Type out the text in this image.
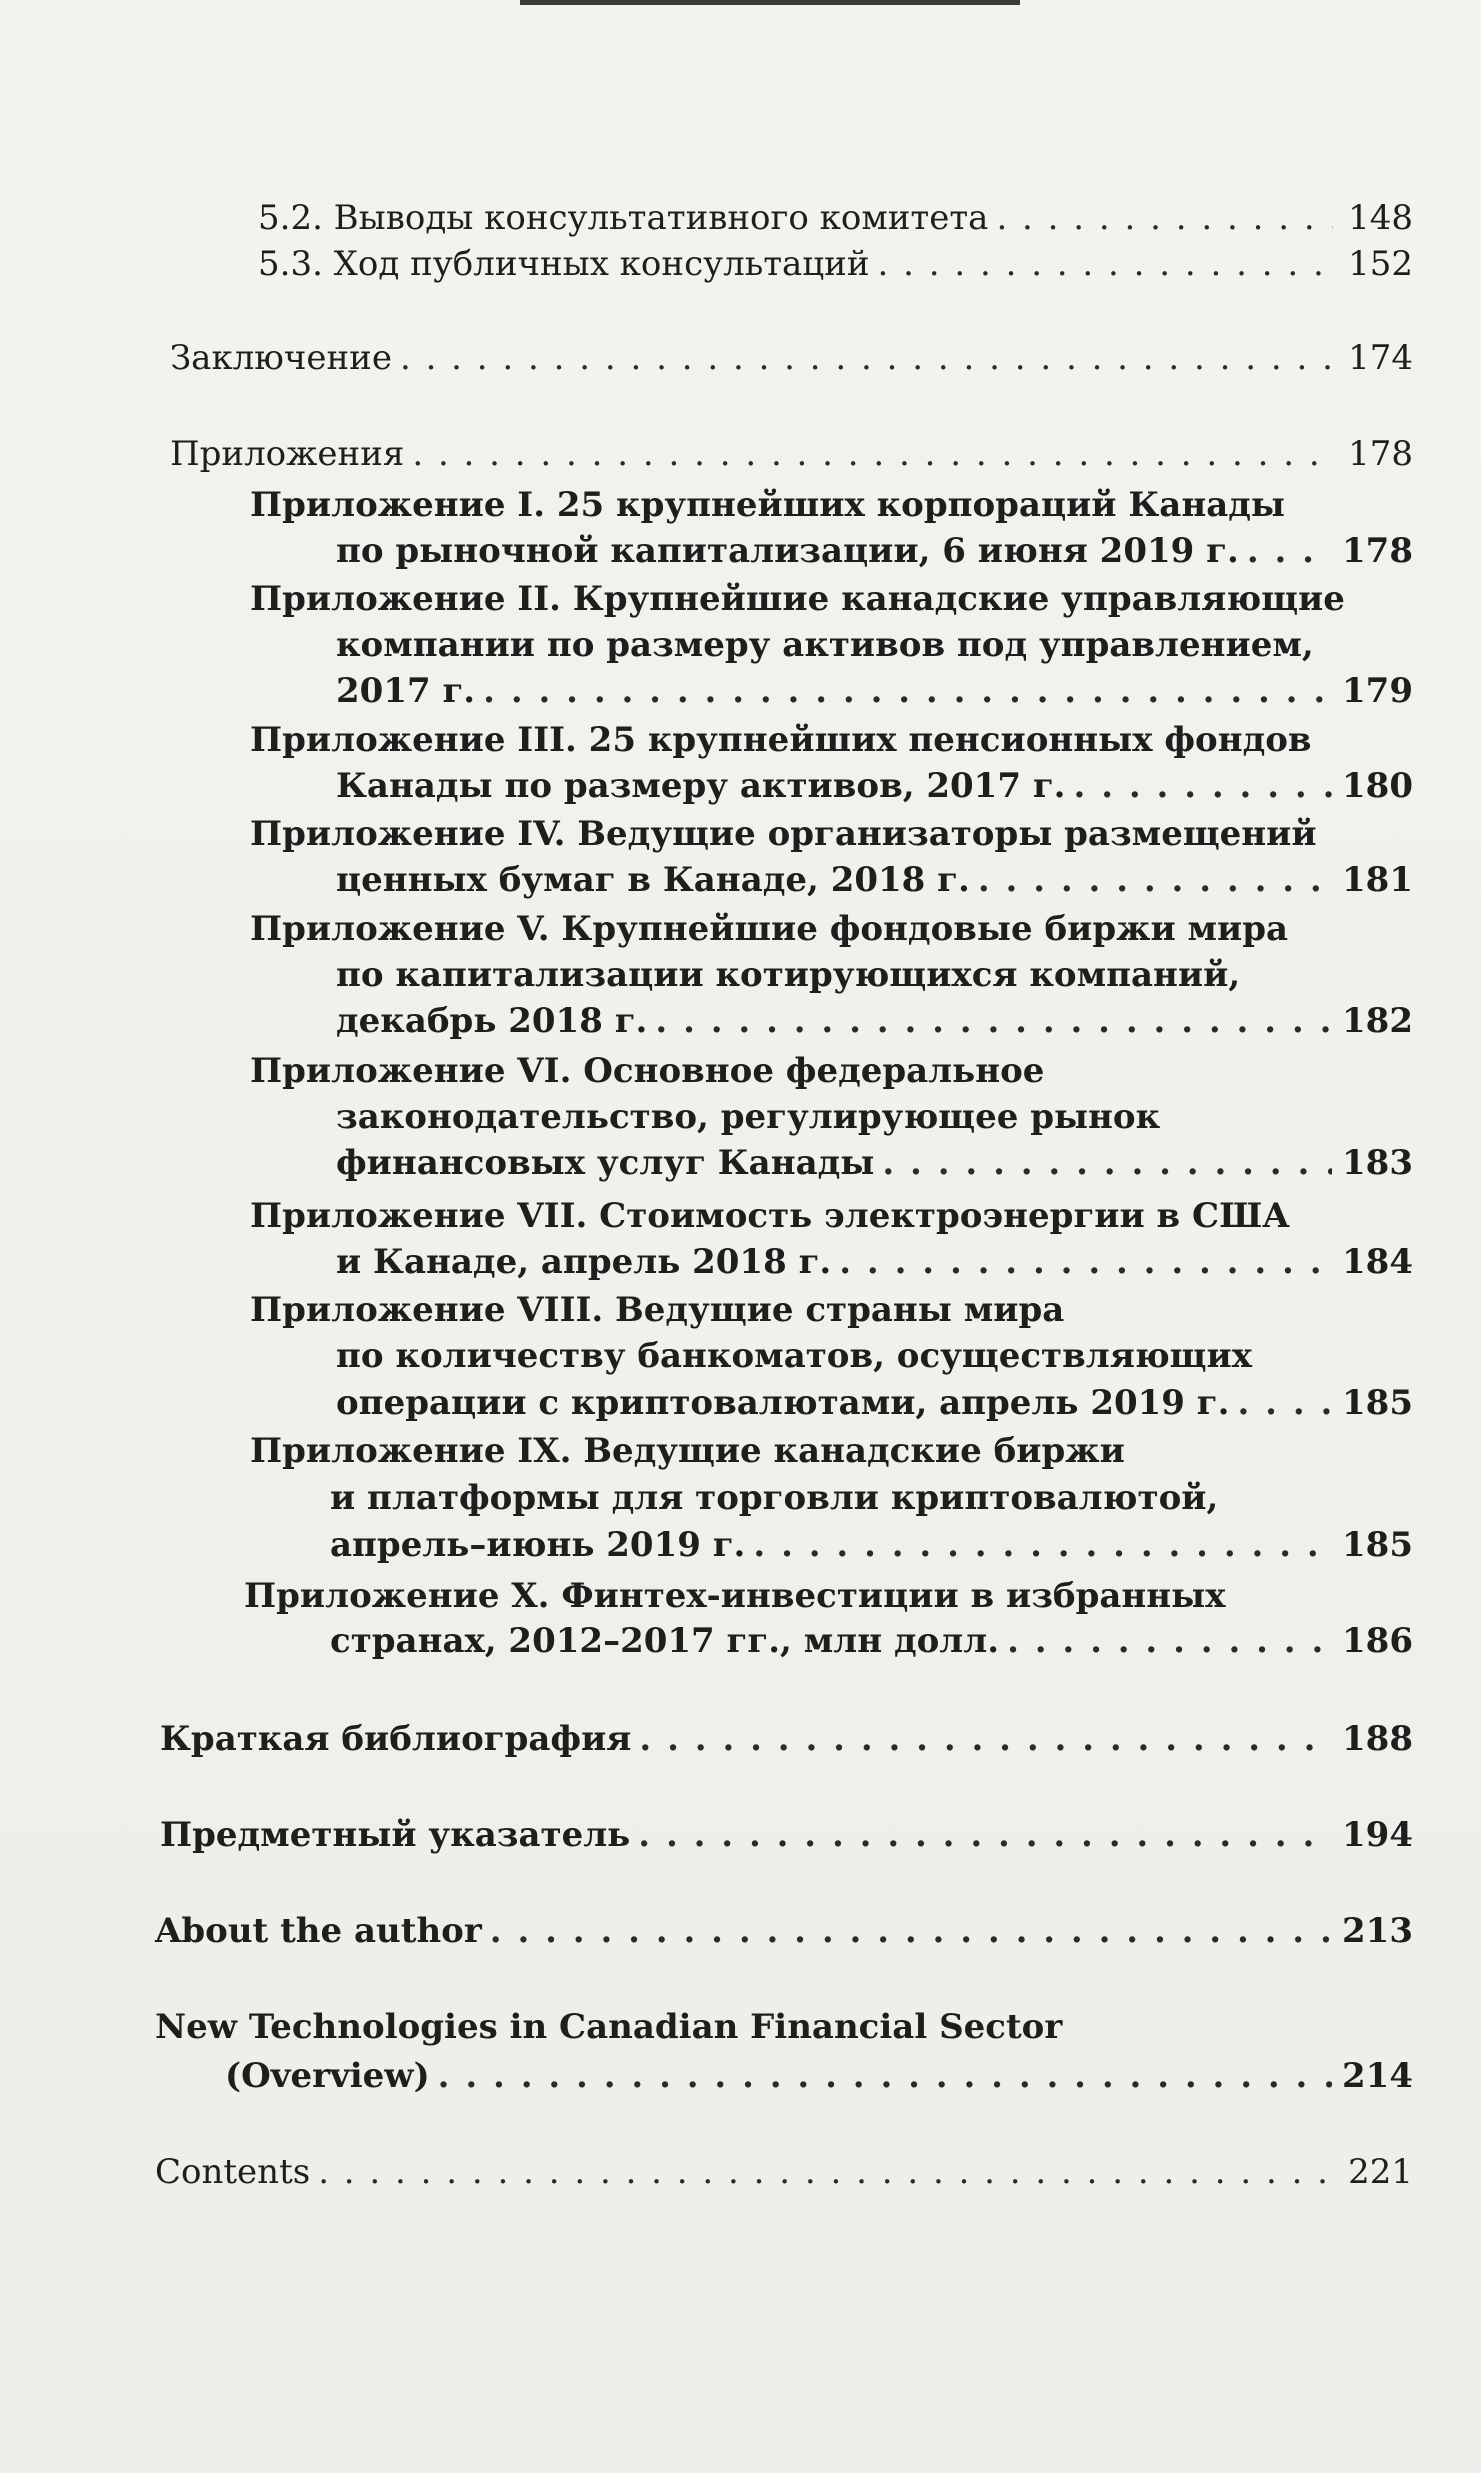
5.2. Выводы консультативного комитета . . .	148
5.3. Ход публичных консультаций . . .	152
Заключение . . .	174
Приложения . . .	178
Приложение I. 25 крупнейших корпораций Канады
по рыночной капитализации, 6 июня 2019 г. . . .	178
Приложение II. Крупнейшие канадские управляющие
компании по размеру активов под управлением,
2017 г. . . .	179
Приложение III. 25 крупнейших пенсионных фондов
Канады по размеру активов, 2017 г. . . .	180
Приложение IV. Ведущие организаторы размещений
ценных бумаг в Канаде, 2018 г. . . .	181
Приложение V. Крупнейшие фондовые биржи мира
по капитализации котирующихся компаний,
декабрь 2018 г. . . .	182
Приложение VI. Основное федеральное
законодательство, регулирующее рынок
финансовых услуг Канады . . .	183
Приложение VII. Стоимость электроэнергии в США
и Канаде, апрель 2018 г. . . .	184
Приложение VIII. Ведущие страны мира
по количеству банкоматов, осуществляющих
операции с криптовалютами, апрель 2019 г. . . .	185
Приложение IX. Ведущие канадские биржи
и платформы для торговли криптовалютой,
апрель–июнь 2019 г. . . .	185
Приложение X. Финтех-инвестиции в избранных
странах, 2012–2017 гг., млн долл. . . .	186
Краткая библиография . . .	188
Предметный указатель . . .	194
About the author . . .	213
New Technologies in Canadian Financial Sector
(Overview) . . .	214
Contents . . .	221
